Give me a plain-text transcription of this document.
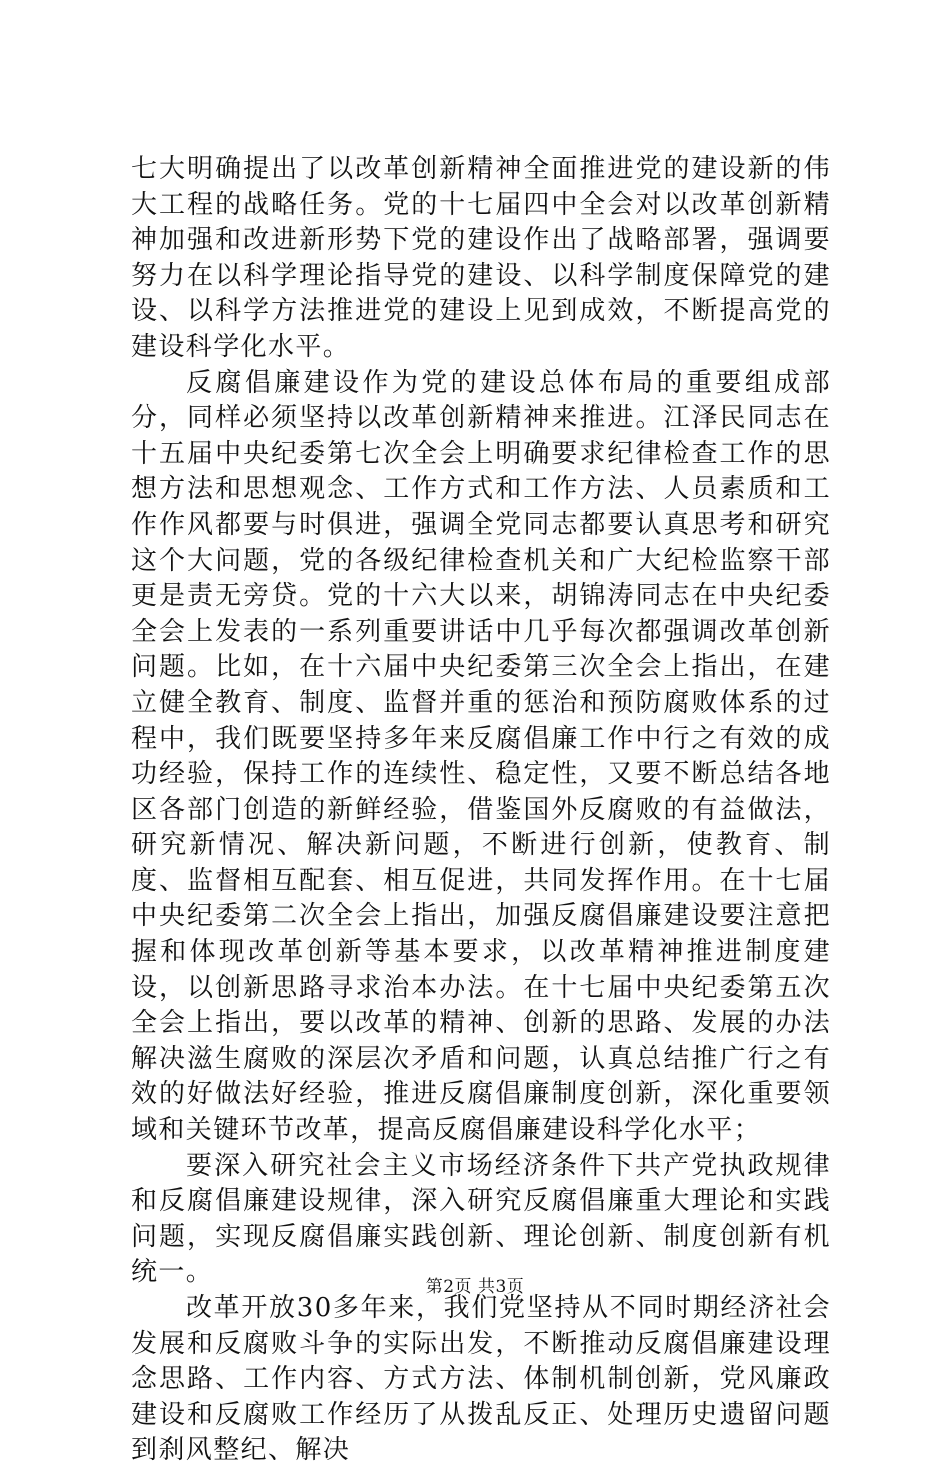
七大明确提出了以改革创新精神全面推进党的建设新的伟大工程的战略任务。党的十七届四中全会对以改革创新精神加强和改进新形势下党的建设作出了战略部署，强调要努力在以科学理论指导党的建设、以科学制度保障党的建设、以科学方法推进党的建设上见到成效，不断提高党的建设科学化水平。

反腐倡廉建设作为党的建设总体布局的重要组成部分，同样必须坚持以改革创新精神来推进。江泽民同志在十五届中央纪委第七次全会上明确要求纪律检查工作的思想方法和思想观念、工作方式和工作方法、人员素质和工作作风都要与时俱进，强调全党同志都要认真思考和研究这个大问题，党的各级纪律检查机关和广大纪检监察干部更是责无旁贷。党的十六大以来，胡锦涛同志在中央纪委全会上发表的一系列重要讲话中几乎每次都强调改革创新问题。比如，在十六届中央纪委第三次全会上指出，在建立健全教育、制度、监督并重的惩治和预防腐败体系的过程中，我们既要坚持多年来反腐倡廉工作中行之有效的成功经验，保持工作的连续性、稳定性，又要不断总结各地区各部门创造的新鲜经验，借鉴国外反腐败的有益做法，研究新情况、解决新问题，不断进行创新，使教育、制度、监督相互配套、相互促进，共同发挥作用。在十七届中央纪委第二次全会上指出，加强反腐倡廉建设要注意把握和体现改革创新等基本要求，以改革精神推进制度建设，以创新思路寻求治本办法。在十七届中央纪委第五次全会上指出，要以改革的精神、创新的思路、发展的办法解决滋生腐败的深层次矛盾和问题，认真总结推广行之有效的好做法好经验，推进反腐倡廉制度创新，深化重要领域和关键环节改革，提高反腐倡廉建设科学化水平；

要深入研究社会主义市场经济条件下共产党执政规律和反腐倡廉建设规律，深入研究反腐倡廉重大理论和实践问题，实现反腐倡廉实践创新、理论创新、制度创新有机统一。

改革开放30多年来，我们党坚持从不同时期经济社会发展和反腐败斗争的实际出发，不断推动反腐倡廉建设理念思路、工作内容、方式方法、体制机制创新，党风廉政建设和反腐败工作经历了从拨乱反正、处理历史遗留问题到刹风整纪、解决

第2页 共3页
